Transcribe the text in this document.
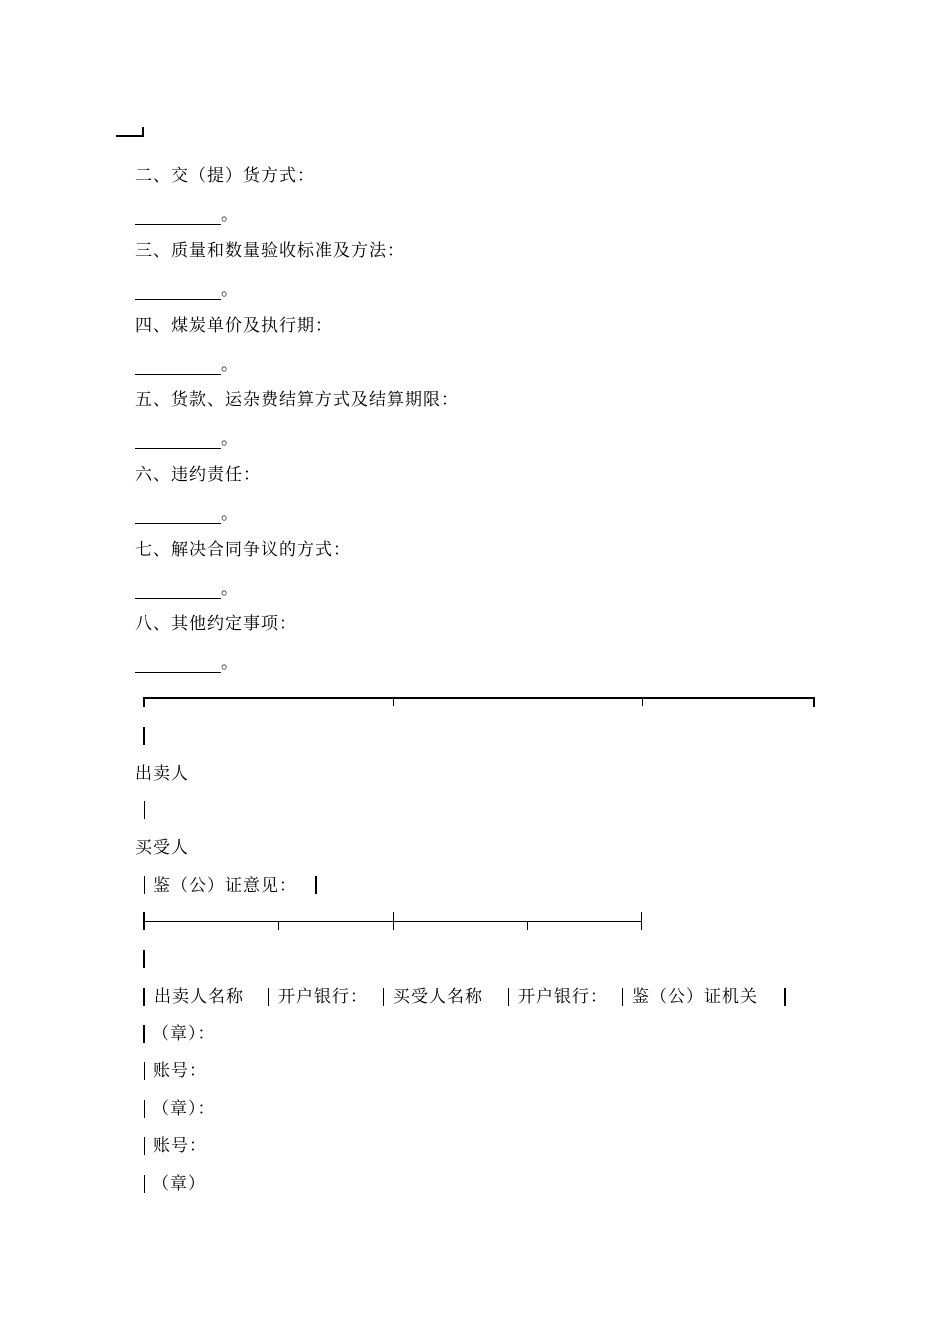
二、交（提）货方式：
。
三、质量和数量验收标准及方法：
。
四、煤炭单价及执行期：
。
五、货款、运杂费结算方式及结算期限：
。
六、违约责任：
。
七、解决合同争议的方式：
。
八、其他约定事项：
。
出卖人
买受人
鉴（公）证意见：
出卖人名称 开户银行： 买受人名称 开户银行： 鉴（公）证机关
（章）：
账号：
（章）：
账号：
（章）
